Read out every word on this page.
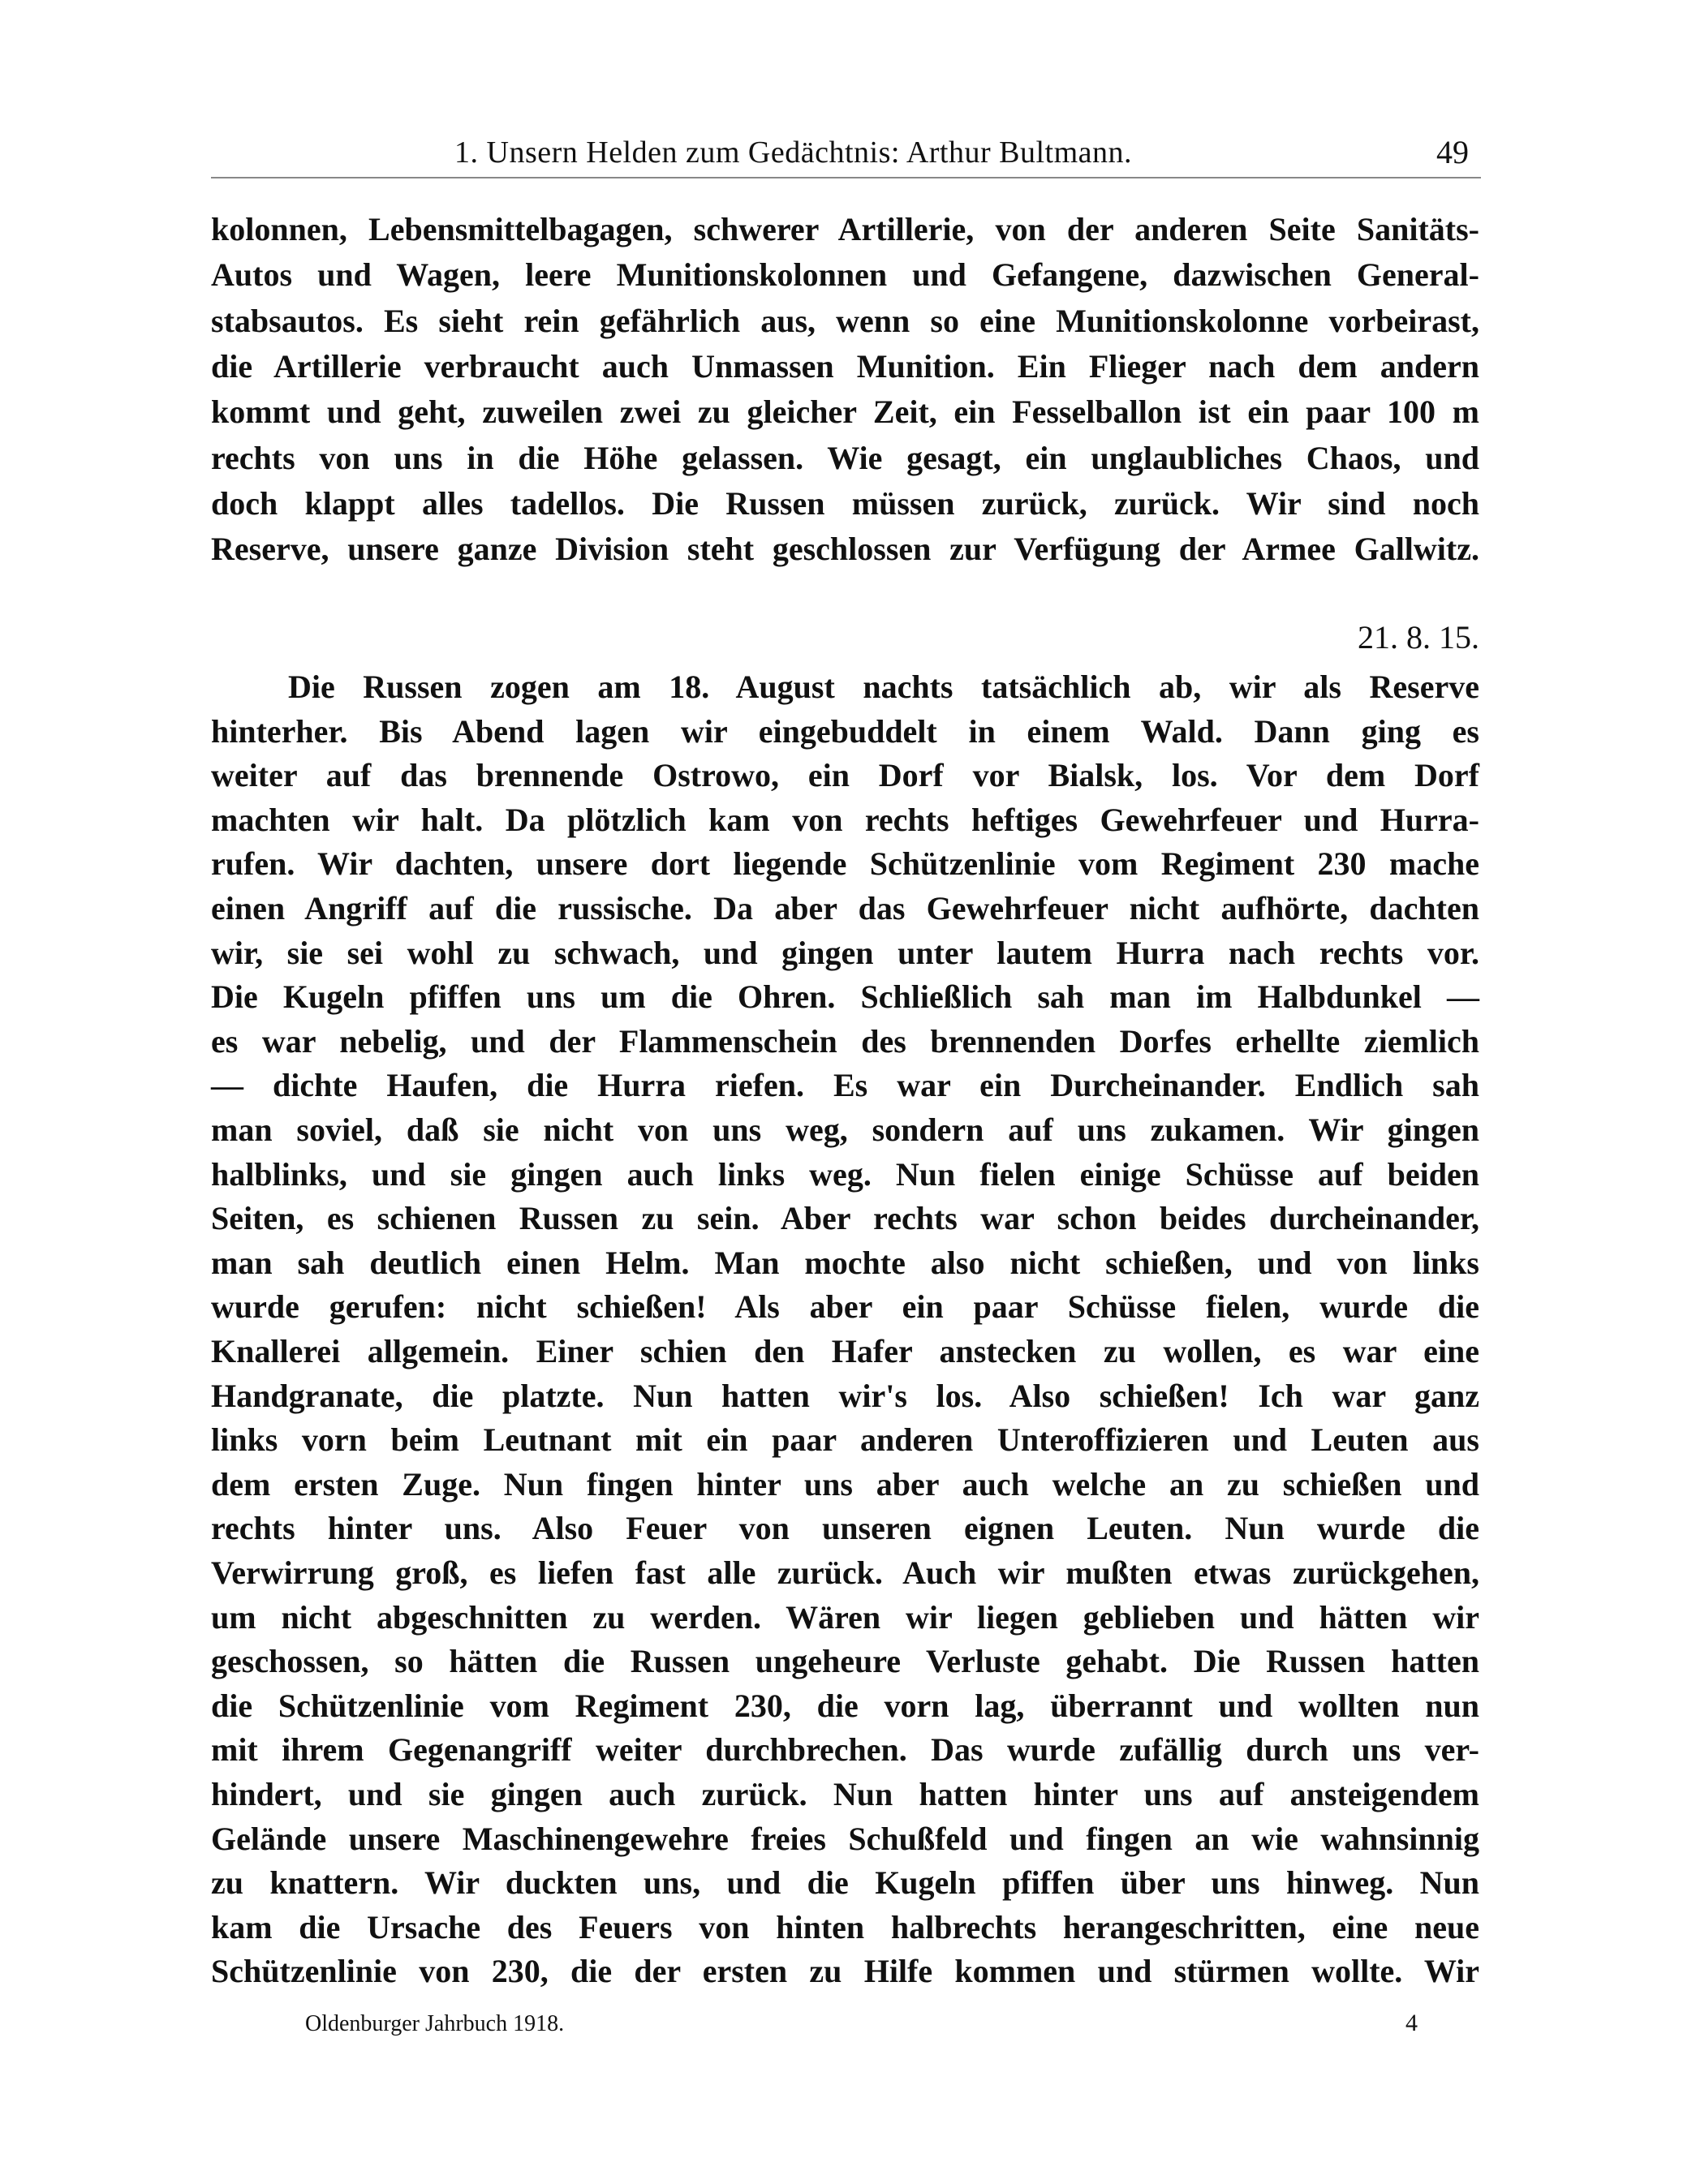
1. Unsern Helden zum Gedächtnis: Arthur Bultmann.	49
kolonnen, Lebensmittelbagagen, schwerer Artillerie, von der anderen Seite Sanitäts-
Autos und Wagen, leere Munitionskolonnen und Gefangene, dazwischen General-
stabsautos. Es sieht rein gefährlich aus, wenn so eine Munitionskolonne vorbeirast,
die Artillerie verbraucht auch Unmassen Munition. Ein Flieger nach dem andern
kommt und geht, zuweilen zwei zu gleicher Zeit, ein Fesselballon ist ein paar 100 m
rechts von uns in die Höhe gelassen. Wie gesagt, ein unglaubliches Chaos, und
doch klappt alles tadellos. Die Russen müssen zurück, zurück. Wir sind noch
Reserve, unsere ganze Division steht geschlossen zur Verfügung der Armee Gallwitz.
21. 8. 15.
Die Russen zogen am 18. August nachts tatsächlich ab, wir als Reserve
hinterher. Bis Abend lagen wir eingebuddelt in einem Wald. Dann ging es
weiter auf das brennende Ostrowo, ein Dorf vor Bialsk, los. Vor dem Dorf
machten wir halt. Da plötzlich kam von rechts heftiges Gewehrfeuer und Hurra-
rufen. Wir dachten, unsere dort liegende Schützenlinie vom Regiment 230 mache
einen Angriff auf die russische. Da aber das Gewehrfeuer nicht aufhörte, dachten
wir, sie sei wohl zu schwach, und gingen unter lautem Hurra nach rechts vor.
Die Kugeln pfiffen uns um die Ohren. Schließlich sah man im Halbdunkel —
es war nebelig, und der Flammenschein des brennenden Dorfes erhellte ziemlich
— dichte Haufen, die Hurra riefen. Es war ein Durcheinander. Endlich sah
man soviel, daß sie nicht von uns weg, sondern auf uns zukamen. Wir gingen
halblinks, und sie gingen auch links weg. Nun fielen einige Schüsse auf beiden
Seiten, es schienen Russen zu sein. Aber rechts war schon beides durcheinander,
man sah deutlich einen Helm. Man mochte also nicht schießen, und von links
wurde gerufen: nicht schießen! Als aber ein paar Schüsse fielen, wurde die
Knallerei allgemein. Einer schien den Hafer anstecken zu wollen, es war eine
Handgranate, die platzte. Nun hatten wir's los. Also schießen! Ich war ganz
links vorn beim Leutnant mit ein paar anderen Unteroffizieren und Leuten aus
dem ersten Zuge. Nun fingen hinter uns aber auch welche an zu schießen und
rechts hinter uns. Also Feuer von unseren eignen Leuten. Nun wurde die
Verwirrung groß, es liefen fast alle zurück. Auch wir mußten etwas zurückgehen,
um nicht abgeschnitten zu werden. Wären wir liegen geblieben und hätten wir
geschossen, so hätten die Russen ungeheure Verluste gehabt. Die Russen hatten
die Schützenlinie vom Regiment 230, die vorn lag, überrannt und wollten nun
mit ihrem Gegenangriff weiter durchbrechen. Das wurde zufällig durch uns ver-
hindert, und sie gingen auch zurück. Nun hatten hinter uns auf ansteigendem
Gelände unsere Maschinengewehre freies Schußfeld und fingen an wie wahnsinnig
zu knattern. Wir duckten uns, und die Kugeln pfiffen über uns hinweg. Nun
kam die Ursache des Feuers von hinten halbrechts herangeschritten, eine neue
Schützenlinie von 230, die der ersten zu Hilfe kommen und stürmen wollte. Wir
Oldenburger Jahrbuch 1918.	4
